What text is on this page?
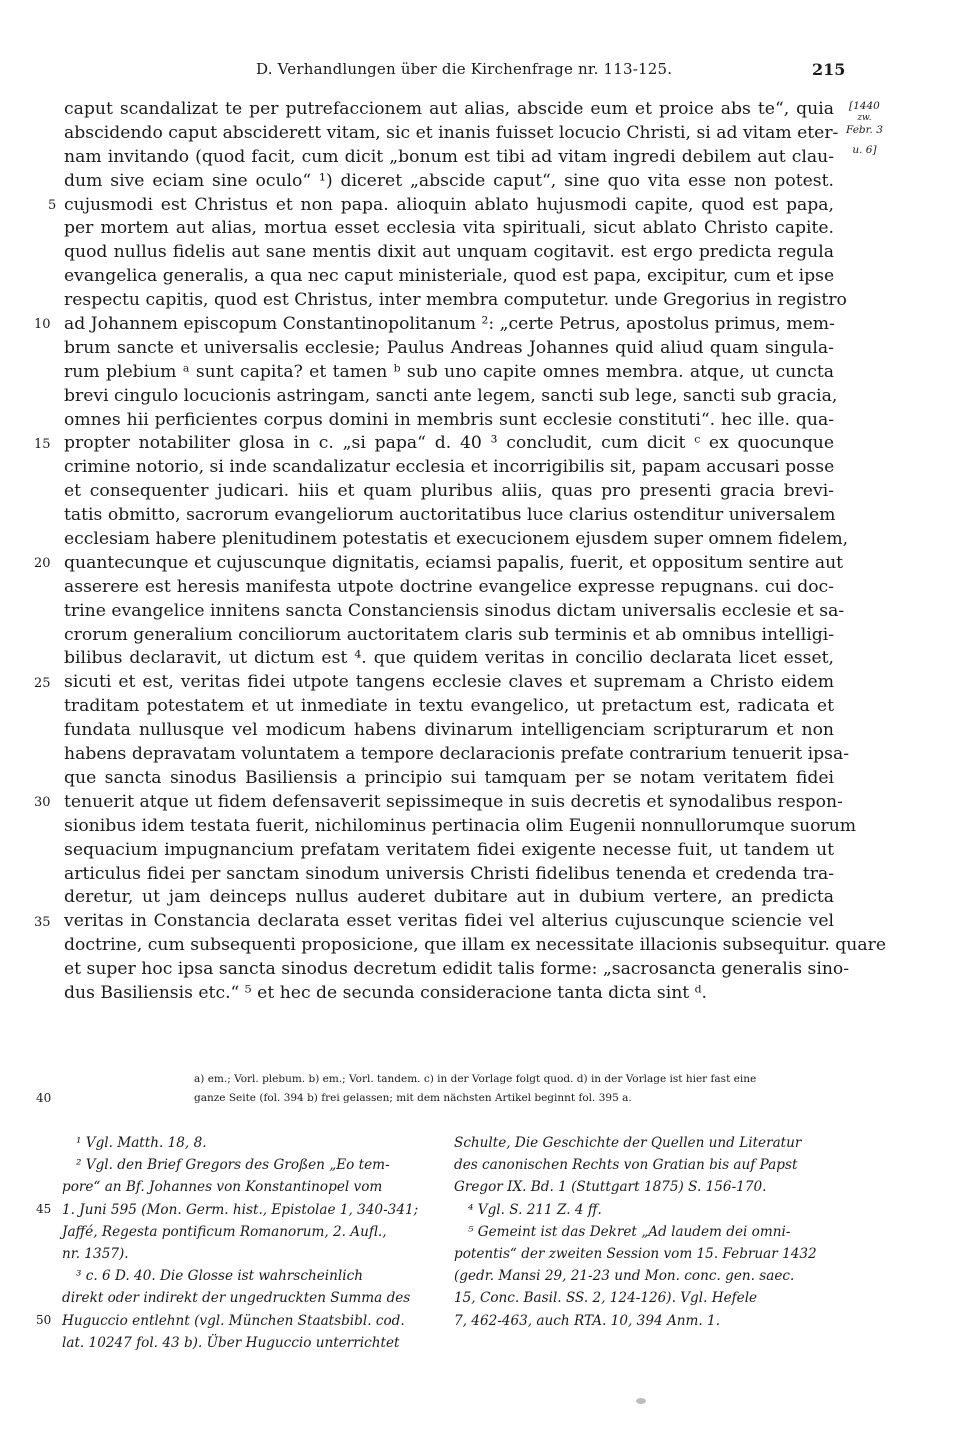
D. Verhandlungen über die Kirchenfrage nr. 113-125.	215
[1440
zw.
Febr. 3
u. 6]
caput scandalizat te per putrefaccionem aut alias, abscide eum et proice abs te“, quia
abscidendo caput absciderett vitam, sic et inanis fuisset locucio Christi, si ad vitam eter-
nam invitando (quod facit, cum dicit „bonum est tibi ad vitam ingredi debilem aut clau-
dum sive eciam sine oculo“ ¹) diceret „abscide caput“, sine quo vita esse non potest.
cujusmodi est Christus et non papa. alioquin ablato hujusmodi capite, quod est papa,
per mortem aut alias, mortua esset ecclesia vita spirituali, sicut ablato Christo capite.
quod nullus fidelis aut sane mentis dixit aut unquam cogitavit. est ergo predicta regula
evangelica generalis, a qua nec caput ministeriale, quod est papa, excipitur, cum et ipse
respectu capitis, quod est Christus, inter membra computetur. unde Gregorius in registro
ad Johannem episcopum Constantinopolitanum ²: „certe Petrus, apostolus primus, mem-
brum sancte et universalis ecclesie; Paulus Andreas Johannes quid aliud quam singula-
rum plebium ᵃ sunt capita? et tamen ᵇ sub uno capite omnes membra. atque, ut cuncta
brevi cingulo locucionis astringam, sancti ante legem, sancti sub lege, sancti sub gracia,
omnes hii perficientes corpus domini in membris sunt ecclesie constituti“. hec ille. qua-
propter notabiliter glosa in c. „si papa“ d. 40 ³ concludit, cum dicit ᶜ ex quocunque
crimine notorio, si inde scandalizatur ecclesia et incorrigibilis sit, papam accusari posse
et consequenter judicari. hiis et quam pluribus aliis, quas pro presenti gracia brevi-
tatis obmitto, sacrorum evangeliorum auctoritatibus luce clarius ostenditur universalem
ecclesiam habere plenitudinem potestatis et execucionem ejusdem super omnem fidelem,
quantecunque et cujuscunque dignitatis, eciamsi papalis, fuerit, et oppositum sentire aut
asserere est heresis manifesta utpote doctrine evangelice expresse repugnans. cui doc-
trine evangelice innitens sancta Constanciensis sinodus dictam universalis ecclesie et sa-
crorum generalium conciliorum auctoritatem claris sub terminis et ab omnibus intelligi-
bilibus declaravit, ut dictum est ⁴. que quidem veritas in concilio declarata licet esset,
sicuti et est, veritas fidei utpote tangens ecclesie claves et supremam a Christo eidem
traditam potestatem et ut inmediate in textu evangelico, ut pretactum est, radicata et
fundata nullusque vel modicum habens divinarum intelligenciam scripturarum et non
habens depravatam voluntatem a tempore declaracionis prefate contrarium tenuerit ipsa-
que sancta sinodus Basiliensis a principio sui tamquam per se notam veritatem fidei
tenuerit atque ut fidem defensaverit sepissimeque in suis decretis et synodalibus respon-
sionibus idem testata fuerit, nichilominus pertinacia olim Eugenii nonnullorumque suorum
sequacium impugnancium prefatam veritatem fidei exigente necesse fuit, ut tandem ut
articulus fidei per sanctam sinodum universis Christi fidelibus tenenda et credenda tra-
deretur, ut jam deinceps nullus auderet dubitare aut in dubium vertere, an predicta
veritas in Constancia declarata esset veritas fidei vel alterius cujuscunque sciencie vel
doctrine, cum subsequenti proposicione, que illam ex necessitate illacionis subsequitur. quare
et super hoc ipsa sancta sinodus decretum edidit talis forme: „sacrosancta generalis sino-
dus Basiliensis etc.“ ⁵ et hec de secunda consideracione tanta dicta sint ᵈ.
5
10
15
20
25
30
35
40
a) em.; Vorl. plebum. b) em.; Vorl. tandem. c) in der Vorlage folgt quod. d) in der Vorlage ist hier fast eine
ganze Seite (fol. 394 b) frei gelassen; mit dem nächsten Artikel beginnt fol. 395 a.
¹ Vgl. Matth. 18, 8.
² Vgl. den Brief Gregors des Großen „Eo tem-
pore“ an Bf. Johannes von Konstantinopel vom
1. Juni 595 (Mon. Germ. hist., Epistolae 1, 340-341;
Jaffé, Regesta pontificum Romanorum, 2. Aufl.,
nr. 1357).
³ c. 6 D. 40. Die Glosse ist wahrscheinlich
direkt oder indirekt der ungedruckten Summa des
Huguccio entlehnt (vgl. München Staatsbibl. cod.
lat. 10247 fol. 43 b). Über Huguccio unterrichtet
Schulte, Die Geschichte der Quellen und Literatur
des canonischen Rechts von Gratian bis auf Papst
Gregor IX. Bd. 1 (Stuttgart 1875) S. 156-170.
⁴ Vgl. S. 211 Z. 4 ff.
⁵ Gemeint ist das Dekret „Ad laudem dei omni-
potentis“ der zweiten Session vom 15. Februar 1432
(gedr. Mansi 29, 21-23 und Mon. conc. gen. saec.
15, Conc. Basil. SS. 2, 124-126). Vgl. Hefele
7, 462-463, auch RTA. 10, 394 Anm. 1.
45
50
